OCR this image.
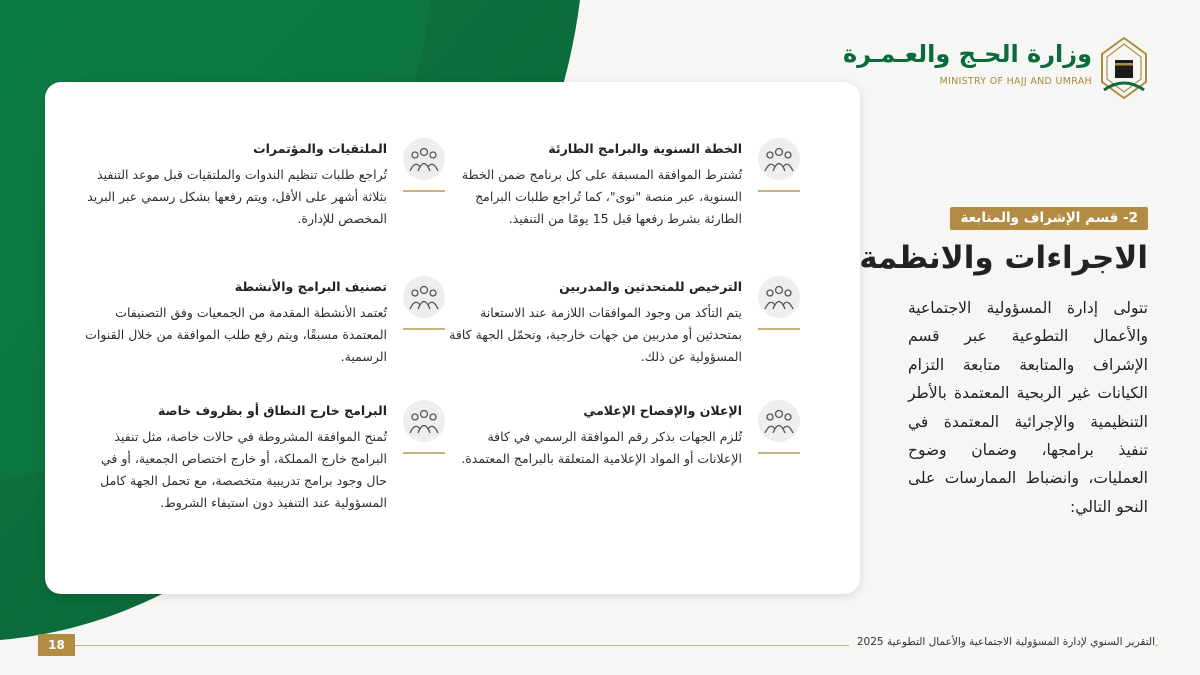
وزارة الحـج والعـمـرة
MINISTRY OF HAJJ AND UMRAH
الخطة السنوية والبرامج الطارئة
تُشترط الموافقة المسبقة على كل برنامج ضمن الخطة السنوية، عبر منصة "نوى"، كما تُراجع طلبات البرامج الطارئة بشرط رفعها قبل 15 يومًا من التنفيذ.
الترخيص للمتحدثين والمدربين
يتم التأكد من وجود الموافقات اللازمة عند الاستعانة بمتحدثين أو مدربين من جهات خارجية، وتحمّل الجهة كافة المسؤولية عن ذلك.
الإعلان والإفصاح الإعلامي
تُلزم الجهات بذكر رقم الموافقة الرسمي في كافة الإعلانات أو المواد الإعلامية المتعلقة بالبرامج المعتمدة.
الملتقيات والمؤتمرات
تُراجع طلبات تنظيم الندوات والملتقيات قبل موعد التنفيذ بثلاثة أشهر على الأقل، ويتم رفعها بشكل رسمي عبر البريد المخصص للإدارة.
تصنيف البرامج والأنشطة
تُعتمد الأنشطة المقدمة من الجمعيات وفق التصنيفات المعتمدة مسبقًا، ويتم رفع طلب الموافقة من خلال القنوات الرسمية.
البرامج خارج النطاق أو بظروف خاصة
تُمنح الموافقة المشروطة في حالات خاصة، مثل تنفيذ البرامج خارج المملكة، أو خارج اختصاص الجمعية، أو في حال وجود برامج تدريبية متخصصة، مع تحمل الجهة كامل المسؤولية عند التنفيذ دون استيفاء الشروط.
2- قسم الإشراف والمتابعة
الاجراءات والانظمة
تتولى إدارة المسؤولية الاجتماعية والأعمال التطوعية عبر قسم الإشراف والمتابعة متابعة التزام الكيانات غير الربحية المعتمدة بالأطر التنظيمية والإجرائية المعتمدة في تنفيذ برامجها، وضمان وضوح العمليات، وانضباط الممارسات على النحو التالي:
التقرير السنوي لإدارة المسؤولية الاجتماعية والأعمال التطوعية 2025
18
